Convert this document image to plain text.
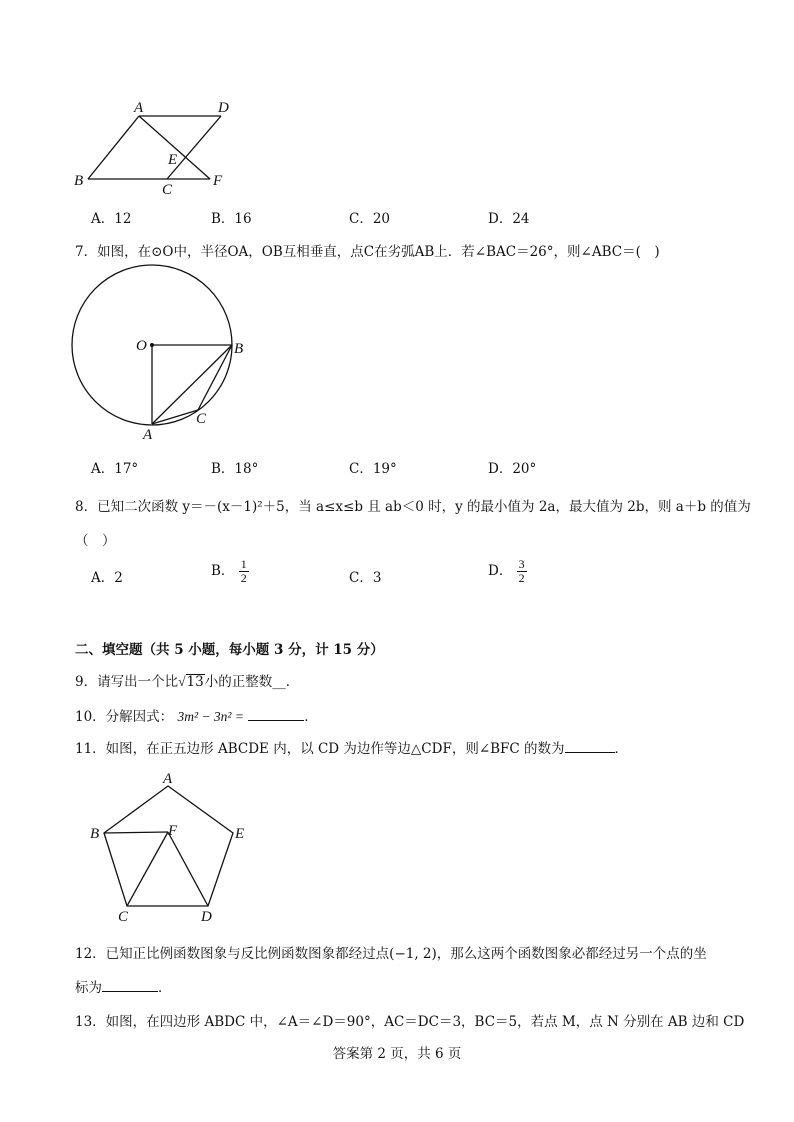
A	D
E
B
C
F
A．12	B．16	C．20	D．24
7．如图，在⊙O中，半径OA，OB互相垂直，点C在劣弧AB上．若∠BAC＝26°，则∠ABC＝(　)
O	B
C
A
A．17°	B．18°	C．19°	D．20°
8．已知二次函数 y＝－(x－1)²＋5，当 a≤x≤b 且 ab＜0 时，y 的最小值为 2a，最大值为 2b，则 a＋b 的值为
（　）
A．2	B． $\frac{1}{2}$	C．3	D． $\frac{3}{2}$
二、填空题（共 5 小题，每小题 3 分，计 15 分）
9．请写出一个比√13小的正整数__．
10．分解因式： 3m² − 3n² =	．
11．如图，在正五边形 ABCDE 内，以 CD 为边作等边△CDF，则∠BFC 的数为	．
A
B	F	E
C	D
12．已知正比例函数图象与反比例函数图象都经过点(−1, 2)，那么这两个函数图象必都经过另一个点的坐
标为	．
13．如图，在四边形 ABDC 中，∠A＝∠D＝90°，AC＝DC＝3，BC＝5，若点 M，点 N 分别在 AB 边和 CD
答案第 2 页，共 6 页
